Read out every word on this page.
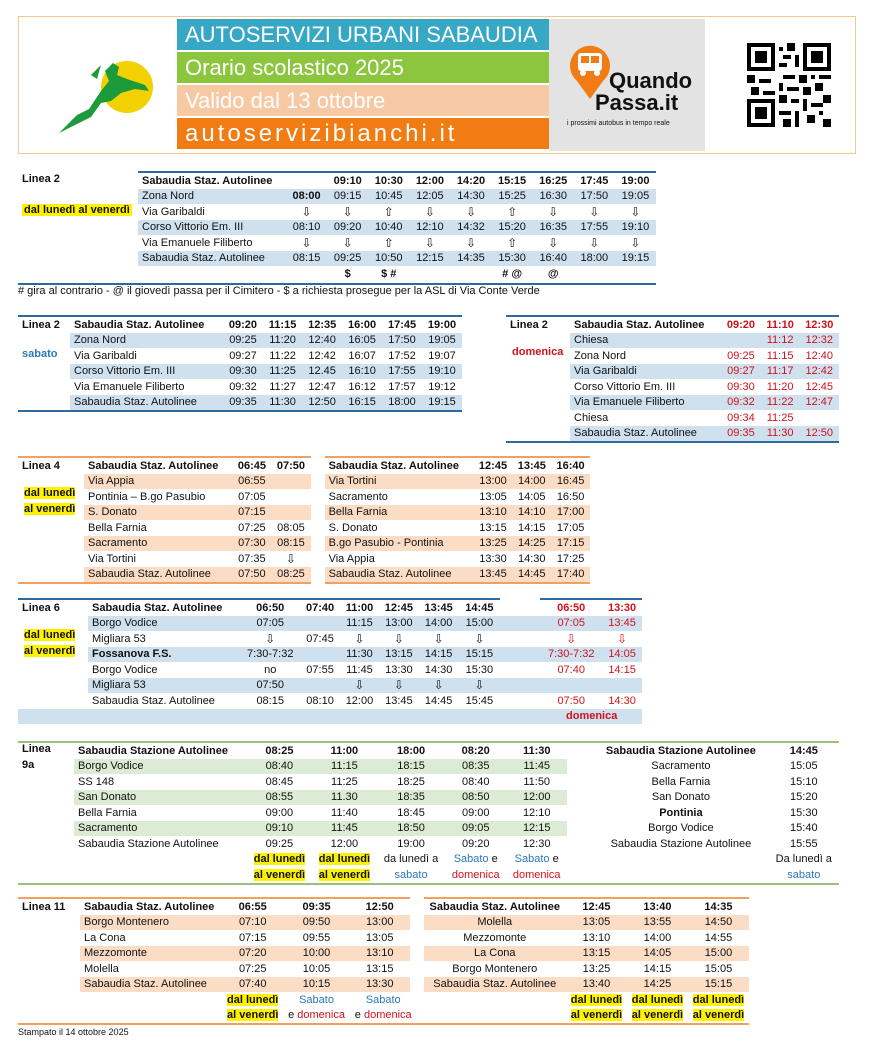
AUTOSERVIZI URBANI SABAUDIA
Orario scolastico 2025
Valido dal 13 ottobre
autoservizibianchi.it
Quando
Passa.it
i prossimi autobus in tempo reale
Linea 2
dal lunedì al venerdì
Sabaudia Staz. Autolinee		09:10	10:30	12:00	14:20	15:15	16:25	17:45	19:00
Zona Nord	08:00	09:15	10:45	12:05	14:30	15:25	16:30	17:50	19:05
Via Garibaldi	⇩	⇩	⇧	⇩	⇩	⇧	⇩	⇩	⇩
Corso Vittorio Em. III	08:10	09:20	10:40	12:10	14:32	15:20	16:35	17:55	19:10
Via Emanuele Filiberto	⇩	⇩	⇧	⇩	⇩	⇧	⇩	⇩	⇩
Sabaudia Staz. Autolinee	08:15	09:25	10:50	12:15	14:35	15:30	16:40	18:00	19:15
		$	$ #			# @	@		
# gira al contrario - @ il giovedì passa per il Cimitero - $ a richiesta prosegue per la ASL di Via Conte Verde
Linea 2	Sabaudia Staz. Autolinee	09:20	11:15	12:35	16:00	17:45	19:00
	Zona Nord	09:25	11:20	12:40	16:05	17:50	19:05
	Via Garibaldi	09:27	11:22	12:42	16:07	17:52	19:07
	Corso Vittorio Em. III	09:30	11:25	12.45	16:10	17:55	19:10
	Via Emanuele Filiberto	09:32	11:27	12:47	16:12	17:57	19:12
	Sabaudia Staz. Autolinee	09:35	11:30	12:50	16:15	18:00	19:15
sabato
Linea 2	Sabaudia Staz. Autolinee	09:20	11:10	12:30
	Chiesa		11:12	12:32
	Zona Nord	09:25	11:15	12:40
	Via Garibaldi	09:27	11:17	12:42
	Corso Vittorio Em. III	09:30	11:20	12:45
	Via Emanuele Filiberto	09:32	11:22	12:47
	Chiesa	09:34	11:25	
	Sabaudia Staz. Autolinee	09:35	11:30	12:50
domenica
Linea 4	Sabaudia Staz. Autolinee	06:45	07:50	Sabaudia Staz. Autolinee	12:45	13:45	16:40
	Via Appia	06:55		Via Tortini	13:00	14:00	16:45
	Pontinia – B.go Pasubio	07:05		Sacramento	13:05	14:05	16:50
	S. Donato	07:15		Bella Farnia	13:10	14:10	17:00
	Bella Farnia	07:25	08:05	S. Donato	13:15	14:15	17:05
	Sacramento	07:30	08:15	B.go Pasubio - Pontinia	13:25	14:25	17:15
	Via Tortini	07:35	⇩	Via Appia	13:30	14:30	17:25
	Sabaudia Staz. Autolinee	07:50	08:25	Sabaudia Staz. Autolinee	13:45	14:45	17:40
dal lunedì
al venerdì
Linea 6	Sabaudia Staz. Autolinee	06:50	07:40	11:00	12:45	13:45	14:45	06:50	13:30
	Borgo Vodice	07:05		11:15	13:00	14:00	15:00	07:05	13:45
	Migliara 53	⇩	07:45	⇩	⇩	⇩	⇩	⇩	⇩
	Fossanova F.S.	7:30-7:32		11:30	13:15	14:15	15:15	7:30-7:32	14:05
	Borgo Vodice	no	07:55	11:45	13:30	14:30	15:30	07:40	14:15
	Migliara 53	07:50		⇩	⇩	⇩	⇩		
	Sabaudia Staz. Autolinee	08:15	08:10	12:00	13:45	14:45	15:45	07:50	14:30

dal lunedì
al venerdì
domenica
	Sabaudia Stazione Autolinee	08:25	11:00	18:00	08:20	11:30	Sabaudia Stazione Autolinee	14:45
	Borgo Vodice	08:40	11:15	18:15	08:35	11:45	Sacramento	15:05
	SS 148	08:45	11:25	18:25	08:40	11:50	Bella Farnia	15:10
	San Donato	08:55	11.30	18:35	08:50	12:00	San Donato	15:20
	Bella Farnia	09:00	11:40	18:45	09:00	12:10	Pontinia	15:30
	Sacramento	09:10	11:45	18:50	09:05	12:15	Borgo Vodice	15:40
	Sabaudia Stazione Autolinee	09:25	12:00	19:00	09:20	12:30	Sabaudia Stazione Autolinee	15:55
		dal lunedì	dal lunedì	da lunedì a	Sabato e	Sabato e		Da lunedì a
		al venerdì	al venerdì	sabato	domenica	domenica		sabato
Linea
9a
Linea 11	Sabaudia Staz. Autolinee	06:55	09:35	12:50	Sabaudia Staz. Autolinee	12:45	13:40	14:35
	Borgo Montenero	07:10	09:50	13:00	Molella	13:05	13:55	14:50
	La Cona	07:15	09:55	13:05	Mezzomonte	13:10	14:00	14:55
	Mezzomonte	07:20	10:00	13:10	La Cona	13:15	14:05	15:00
	Molella	07:25	10:05	13:15	Borgo Montenero	13:25	14:15	15:05
	Sabaudia Staz. Autolinee	07:40	10:15	13:30	Sabaudia Staz. Autolinee	13:40	14:25	15:15
		dal lunedì	Sabato	Sabato		dal lunedì	dal lunedì	dal lunedì
		al venerdì	e domenica	e domenica		al venerdì	al venerdì	al venerdì
Stampato il 14 ottobre 2025
